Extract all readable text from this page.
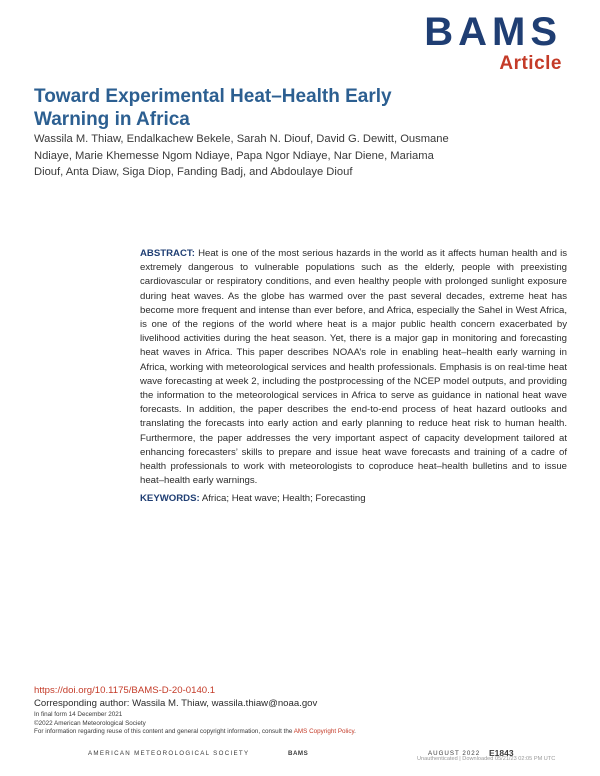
BAMS
Article
Toward Experimental Heat–Health Early Warning in Africa
Wassila M. Thiaw, Endalkachew Bekele, Sarah N. Diouf, David G. Dewitt, Ousmane Ndiaye, Marie Khemesse Ngom Ndiaye, Papa Ngor Ndiaye, Nar Diene, Mariama Diouf, Anta Diaw, Siga Diop, Fanding Badj, and Abdoulaye Diouf
ABSTRACT: Heat is one of the most serious hazards in the world as it affects human health and is extremely dangerous to vulnerable populations such as the elderly, people with preexisting cardiovascular or respiratory conditions, and even healthy people with prolonged sunlight exposure during heat waves. As the globe has warmed over the past several decades, extreme heat has become more frequent and intense than ever before, and Africa, especially the Sahel in West Africa, is one of the regions of the world where heat is a major public health concern exacerbated by livelihood activities during the heat season. Yet, there is a major gap in monitoring and forecasting heat waves in Africa. This paper describes NOAA’s role in enabling heat–health early warning in Africa, working with meteorological services and health professionals. Emphasis is on real-time heat wave forecasting at week 2, including the postprocessing of the NCEP model outputs, and providing the information to the meteorological services in Africa to serve as guidance in national heat wave forecasts. In addition, the paper describes the end-to-end process of heat hazard outlooks and translating the forecasts into early action and early planning to reduce heat risk to human health. Furthermore, the paper addresses the very important aspect of capacity development tailored at enhancing forecasters’ skills to prepare and issue heat wave forecasts and training of a cadre of health professionals to work with meteorologists to coproduce heat–health bulletins and to issue heat–health early warnings.
KEYWORDS: Africa; Heat wave; Health; Forecasting
https://doi.org/10.1175/BAMS-D-20-0140.1
Corresponding author: Wassila M. Thiaw, wassila.thiaw@noaa.gov
In final form 14 December 2021
©2022 American Meteorological Society
For information regarding reuse of this content and general copyright information, consult the AMS Copyright Policy.
AMERICAN METEOROLOGICAL SOCIETY	BAMS	AUGUST 2022 E1843
Unauthenticated | Downloaded 05/21/23 02:05 PM UTC
